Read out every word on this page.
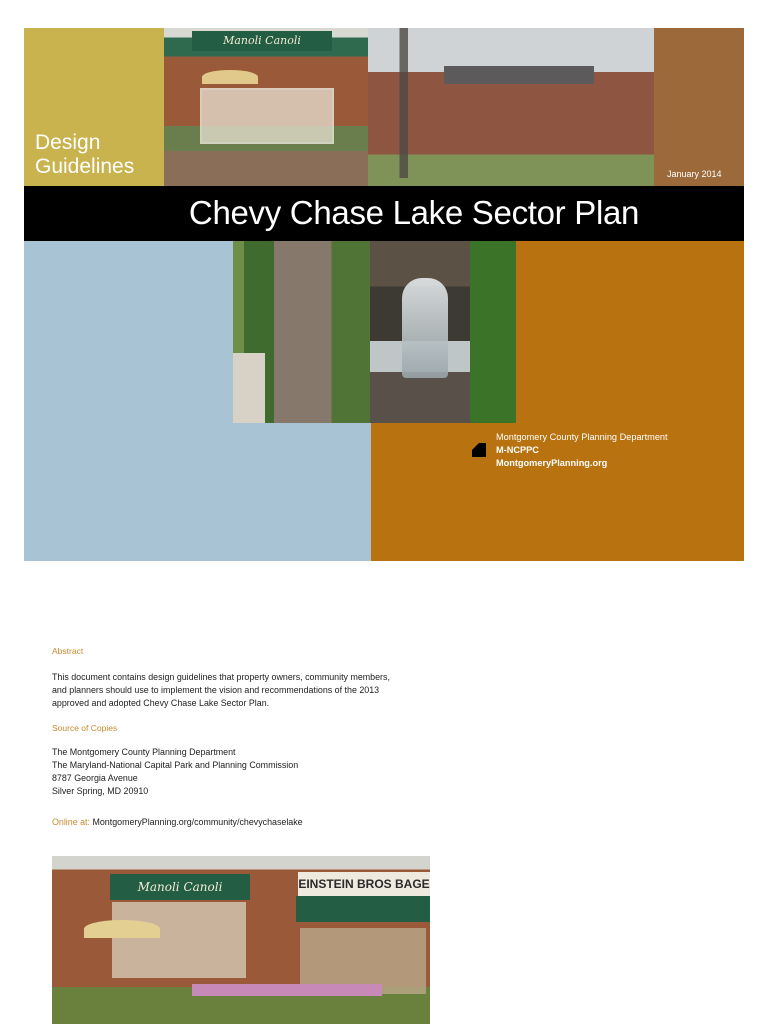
Manoli Canoli
January 2014
Design
Guidelines
Chevy Chase Lake Sector Plan
Montgomery County Planning Department
M-NCPPC
MontgomeryPlanning.org
Abstract
This document contains design guidelines that property owners, community members,
and planners should use to implement the vision and recommendations of the 2013
approved and adopted Chevy Chase Lake Sector Plan.
Source of Copies
The Montgomery County Planning Department
The Maryland-National Capital Park and Planning Commission
8787 Georgia Avenue
Silver Spring, MD 20910
Online at: MontgomeryPlanning.org/community/chevychaselake
Manoli Canoli	EINSTEIN BROS BAGE
